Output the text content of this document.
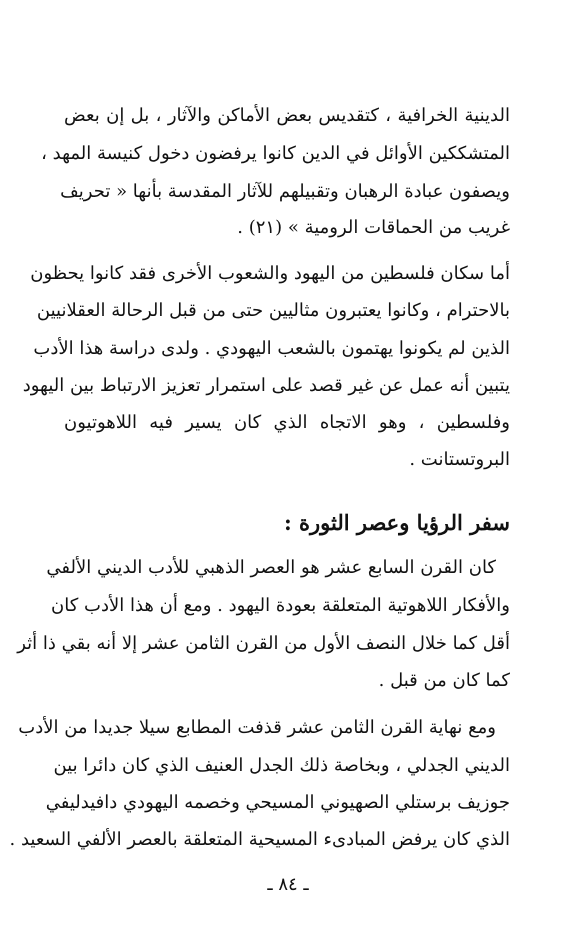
الدينية الخرافية ، كتقديس بعض الأماكن والآثار ، بل إن بعض
المتشككين الأوائل في الدين كانوا يرفضون دخول كنيسة المهد ،
ويصفون عبادة الرهبان وتقبيلهم للآثار المقدسة بأنها « تحريف
غريب من الحماقات الرومية » (٢١) .
أما سكان فلسطين من اليهود والشعوب الأخرى فقد كانوا يحظون
بالاحترام ، وكانوا يعتبرون مثاليين حتى من قبل الرحالة العقلانيين
الذين لم يكونوا يهتمون بالشعب اليهودي . ولدى دراسة هذا الأدب
يتبين أنه عمل عن غير قصد على استمرار تعزيز الارتباط بين اليهود
وفلسطين ، وهو الاتجاه الذي كان يسير فيه اللاهوتيون
البروتستانت .
سفر الرؤيا وعصر الثورة :
كان القرن السابع عشر هو العصر الذهبي للأدب الديني الألفي
والأفكار اللاهوتية المتعلقة بعودة اليهود . ومع أن هذا الأدب كان
أقل كما خلال النصف الأول من القرن الثامن عشر إلا أنه بقي ذا أثر
كما كان من قبل .
ومع نهاية القرن الثامن عشر قذفت المطابع سيلا جديدا من الأدب
الديني الجدلي ، وبخاصة ذلك الجدل العنيف الذي كان دائرا بين
جوزيف برستلي الصهيوني المسيحي وخصمه اليهودي دافيدليفي
الذي كان يرفض المبادىء المسيحية المتعلقة بالعصر الألفي السعيد .
ـ ٨٤ ـ
